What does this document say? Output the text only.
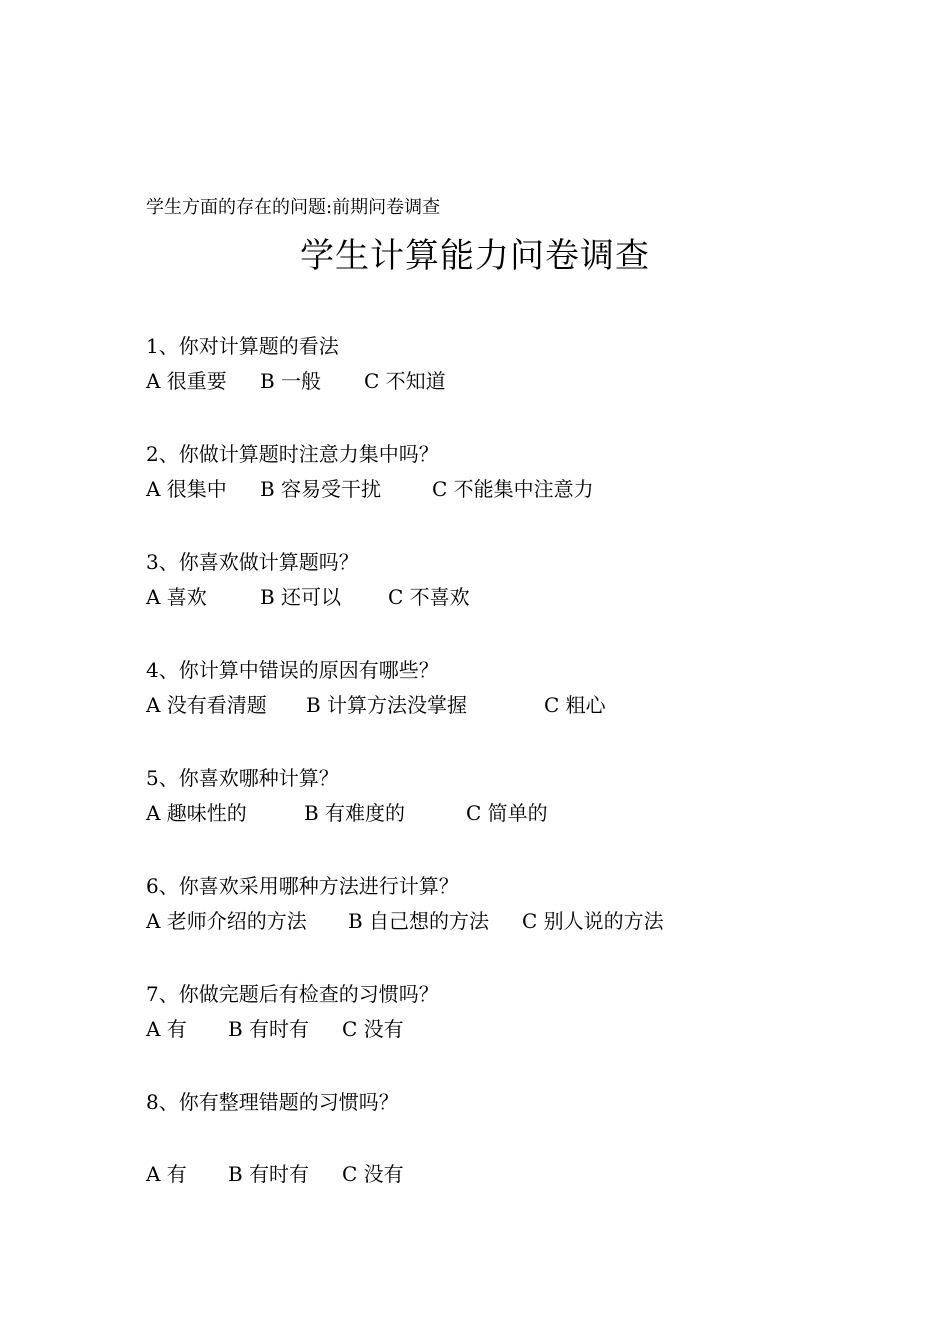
学生方面的存在的问题:前期问卷调查
学生计算能力问卷调查
1、你对计算题的看法
A 很重要 B 一般 C 不知道
2、你做计算题时注意力集中吗？
A 很集中 B 容易受干扰	C 不能集中注意力
3、你喜欢做计算题吗？
A 喜欢	B 还可以 C 不喜欢
4、你计算中错误的原因有哪些？
A 没有看清题 B 计算方法没掌握	C 粗心
5、你喜欢哪种计算？
A 趣味性的	B 有难度的	C 简单的
6、你喜欢采用哪种方法进行计算？
A 老师介绍的方法 B 自己想的方法 C 别人说的方法
7、你做完题后有检查的习惯吗？
A 有 B 有时有 C 没有
8、你有整理错题的习惯吗？
A 有 B 有时有 C 没有
